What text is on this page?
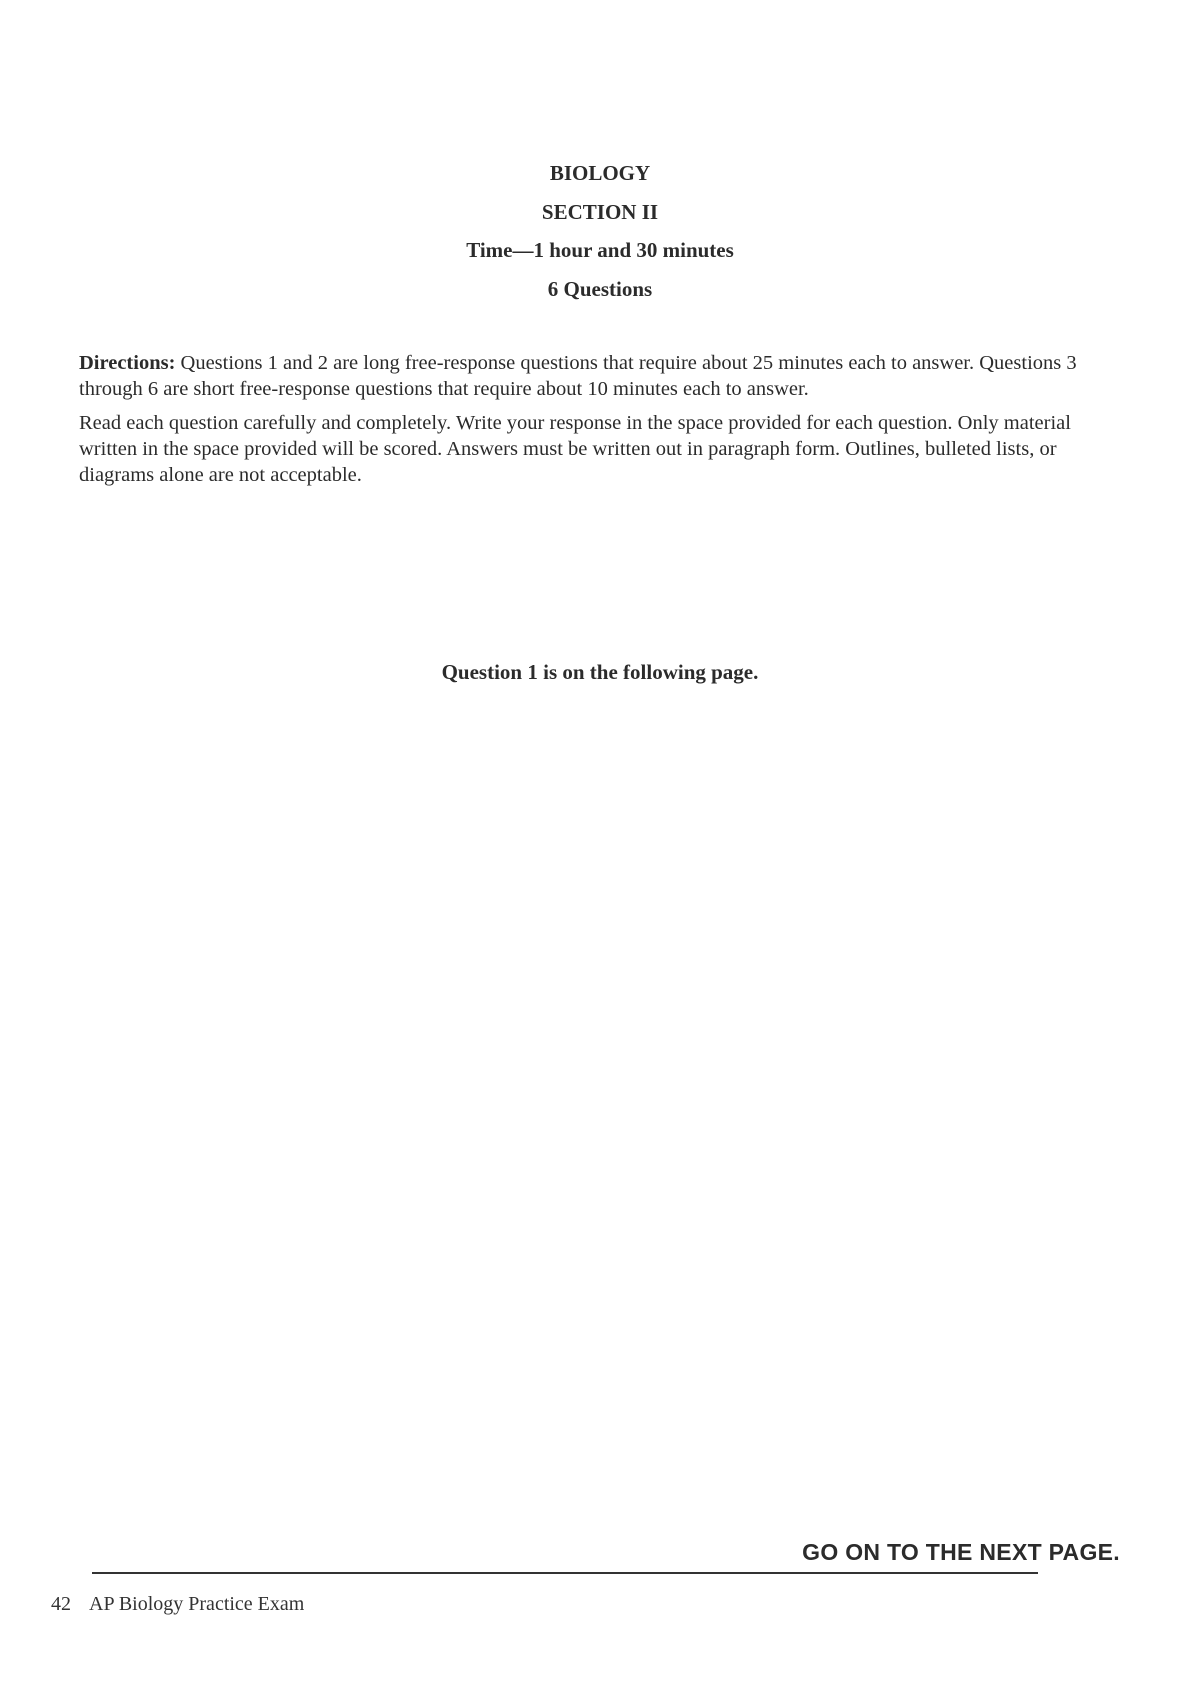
BIOLOGY
SECTION II
Time—1 hour and 30 minutes
6 Questions

Directions: Questions 1 and 2 are long free-response questions that require about 25 minutes each to answer. Questions 3 through 6 are short free-response questions that require about 10 minutes each to answer.

Read each question carefully and completely. Write your response in the space provided for each question. Only material written in the space provided will be scored. Answers must be written out in paragraph form. Outlines, bulleted lists, or diagrams alone are not acceptable.

Question 1 is on the following page.
GO ON TO THE NEXT PAGE.
42 AP Biology Practice Exam
